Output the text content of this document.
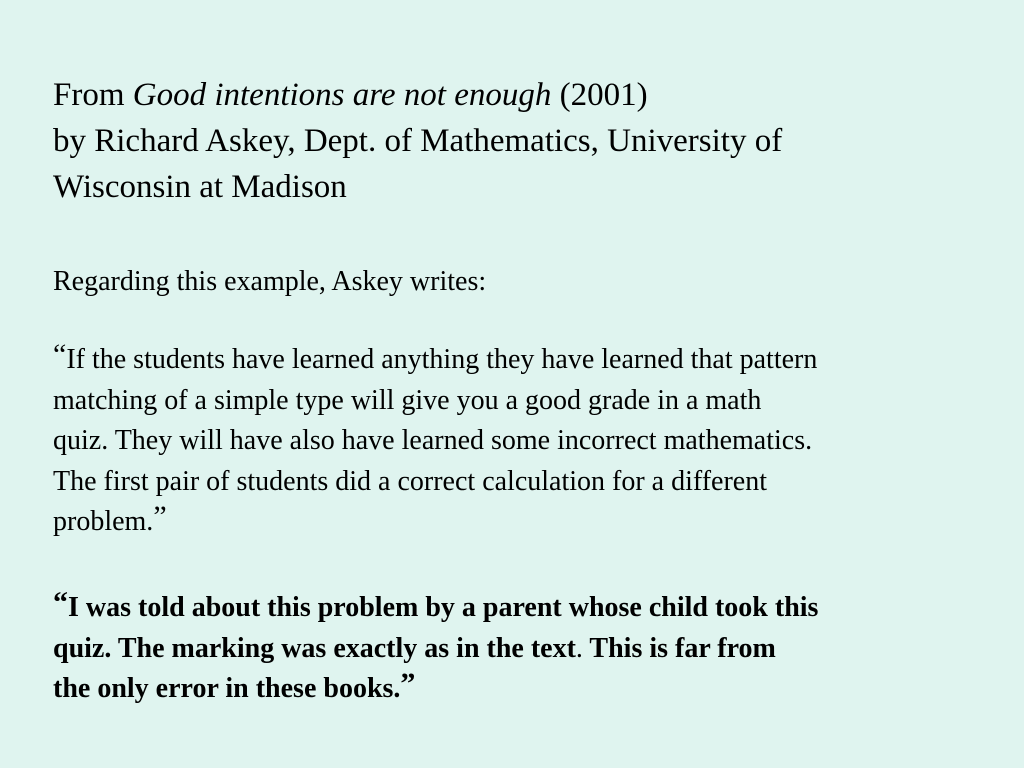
From Good intentions are not enough (2001)
by Richard Askey, Dept. of Mathematics, University of
Wisconsin at Madison

Regarding this example, Askey writes:

“If the students have learned anything they have learned that pattern
matching of a simple type will give you a good grade in a math
quiz. They will have also have learned some incorrect mathematics.
The first pair of students did a correct calculation for a different
problem.”

“I was told about this problem by a parent whose child took this
quiz. The marking was exactly as in the text. This is far from
the only error in these books.”
